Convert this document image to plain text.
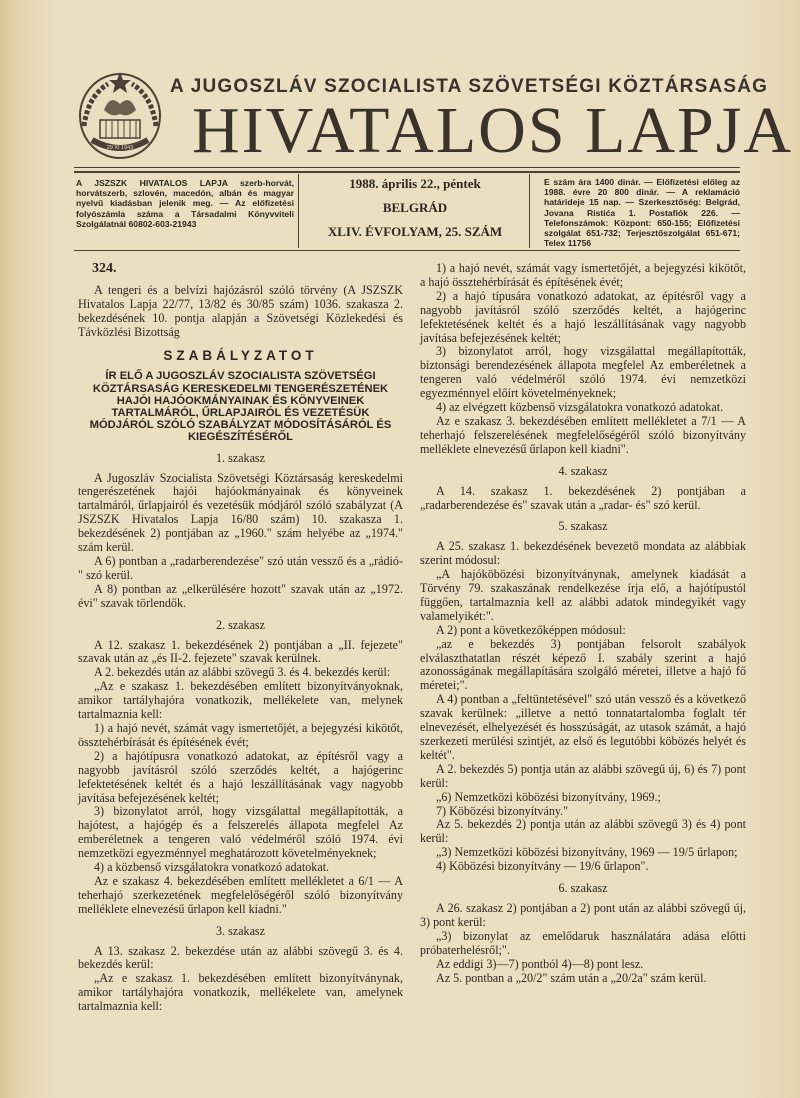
29 XI 1943
A JUGOSZLÁV SZOCIALISTA SZÖVETSÉGI KÖZTÁRSASÁG
HIVATALOS LAPJA
A JSZSZK HIVATALOS LAPJA szerb-horvát, horvátszerb, szlovén, macedón, albán és magyar nyelvű kiadásban jelenik meg. — Az előfizetési folyószámla száma a Társadalmi Könyvviteli Szolgálatnál 60802-603-21943
1988. április 22., péntek
BELGRÁD
XLIV. ÉVFOLYAM, 25. SZÁM
E szám ára 1400 dinár. — Előfizetési előleg az 1988. évre 20 800 dinár. — A reklamáció határideje 15 nap. — Szerkesztőség: Belgrád, Jovana Ristića 1. Postafiók 226. — Telefonszámok: Központ: 650-155; Előfizetési szolgálat 651-732; Terjesztőszolgálat 651-671; Telex 11756

324.

A tengeri és a belvízi hajózásról szóló törvény (A JSZSZK Hivatalos Lapja 22/77, 13/82 és 30/85 szám) 1036. szakasza 2. bekezdésének 10. pontja alapján a Szövetségi Közlekedési és Távközlési Bizottság

SZABÁLYZATOT

ÍR ELŐ A JUGOSZLÁV SZOCIALISTA SZÖVETSÉGI KÖZTÁRSASÁG KERESKEDELMI TENGERÉSZETÉNEK HAJÓI HAJÓOKMÁNYAINAK ÉS KÖNYVEINEK TARTALMÁRÓL, ŰRLAPJAIRÓL ÉS VEZETÉSÜK MÓDJÁRÓL SZÓLÓ SZABÁLYZAT MÓDOSÍTÁSÁRÓL ÉS KIEGÉSZÍTÉSÉRŐL

1. szakasz

A Jugoszláv Szocialista Szövetségi Köztársaság kereskedelmi tengerészetének hajói hajóokmányainak és könyveinek tartalmáról, űrlapjairól és vezetésük módjáról szóló szabályzat (A JSZSZK Hivatalos Lapja 16/80 szám) 10. szakasza 1. bekezdésének 2) pontjában az „1960." szám helyébe az „1974." szám kerül.

A 6) pontban a „radarberendezése" szó után vessző és a „rádió-" szó kerül.

A 8) pontban az „elkerülésére hozott" szavak után az „1972. évi" szavak törlendők.

2. szakasz

A 12. szakasz 1. bekezdésének 2) pontjában a „II. fejezete" szavak után az „és II-2. fejezete" szavak kerülnek.

A 2. bekezdés után az alábbi szövegű 3. és 4. bekezdés kerül:

„Az e szakasz 1. bekezdésében említett bizonyítványoknak, amikor tartályhajóra vonatkozik, mellékelete van, melynek tartalmaznia kell:

1) a hajó nevét, számát vagy ismertetőjét, a bejegyzési kikötőt, össztehérbírását és építésének évét;

2) a hajótípusra vonatkozó adatokat, az építésről vagy a nagyobb javításról szóló szerződés keltét, a hajógerinc lefektetésének keltét és a hajó leszállításának vagy nagyobb javítása befejezésének keltét;

3) bizonylatot arról, hogy vizsgálattal megállapították, a hajótest, a hajógép és a felszerelés állapota megfelel Az emberéletnek a tengeren való védelméről szóló 1974. évi nemzetközi egyezménnyel meghatározott követelményeknek;

4) a közbenső vizsgálatokra vonatkozó adatokat.

Az e szakasz 4. bekezdésében említett mellékletet a 6/1 — A teherhajó szerkezetének megfelelőségéről szóló bizonyítvány melléklete elnevezésű űrlapon kell kiadni."

3. szakasz

A 13. szakasz 2. bekezdése után az alábbi szövegű 3. és 4. bekezdés kerül:

„Az e szakasz 1. bekezdésében említett bizonyítványnak, amikor tartályhajóra vonatkozik, mellékelete van, amelynek tartalmaznia kell:

1) a hajó nevét, számát vagy ismertetőjét, a bejegyzési kikötőt, a hajó össztehérbírását és építésének évét;

2) a hajó típusára vonatkozó adatokat, az építésről vagy a nagyobb javításról szóló szerződés keltét, a hajógerinc lefektetésének keltét és a hajó leszállításának vagy nagyobb javítása befejezésének keltét;

3) bizonylatot arról, hogy vizsgálattal megállapították, biztonsági berendezésének állapota megfelel Az emberéletnek a tengeren való védelméről szóló 1974. évi nemzetközi egyezménnyel előírt követelményeknek;

4) az elvégzett közbenső vizsgálatokra vonatkozó adatokat.

Az e szakasz 3. bekezdésében említett mellékletet a 7/1 — A teherhajó felszerelésének megfelelőségéről szóló bizonyítvány melléklete elnevezésű űrlapon kell kiadni".

4. szakasz

A 14. szakasz 1. bekezdésének 2) pontjában a „radarberendezése és" szavak után a „radar- és" szó kerül.

5. szakasz

A 25. szakasz 1. bekezdésének bevezető mondata az alábbiak szerint módosul:

„A hajóköbözési bizonyítványnak, amelynek kiadását a Törvény 79. szakaszának rendelkezése írja elő, a hajótípustól függően, tartalmaznia kell az alábbi adatok mindegyikét vagy valamelyikét:".

A 2) pont a következőképpen módosul:

„az e bekezdés 3) pontjában felsorolt szabályok elválaszthatatlan részét képező I. szabály szerint a hajó azonosságának megállapítására szolgáló méretei, illetve a hajó fő méretei;".

A 4) pontban a „feltüntetésével" szó után vessző és a következő szavak kerülnek: „illetve a nettó tonnatartalomba foglalt tér elnevezését, elhelyezését és hosszúságát, az utasok számát, a hajó szerkezeti merülési szintjét, az első és legutóbbi köbözés helyét és keltét".

A 2. bekezdés 5) pontja után az alábbi szövegű új, 6) és 7) pont kerül:

„6) Nemzetközi köbözési bizonyítvány, 1969.;

7) Köbözési bizonyítvány."

Az 5. bekezdés 2) pontja után az alábbi szövegű 3) és 4) pont kerül:

„3) Nemzetközi köbözési bizonyítvány, 1969 — 19/5 űrlapon;

4) Köbözési bizonyítvány — 19/6 űrlapon".

6. szakasz

A 26. szakasz 2) pontjában a 2) pont után az alábbi szövegű új, 3) pont kerül:

„3) bizonylat az emelődaruk használatára adása előtti próbaterhelésről;".

Az eddigi 3)—7) pontból 4)—8) pont lesz.

Az 5. pontban a „20/2" szám után a „20/2a" szám kerül.
